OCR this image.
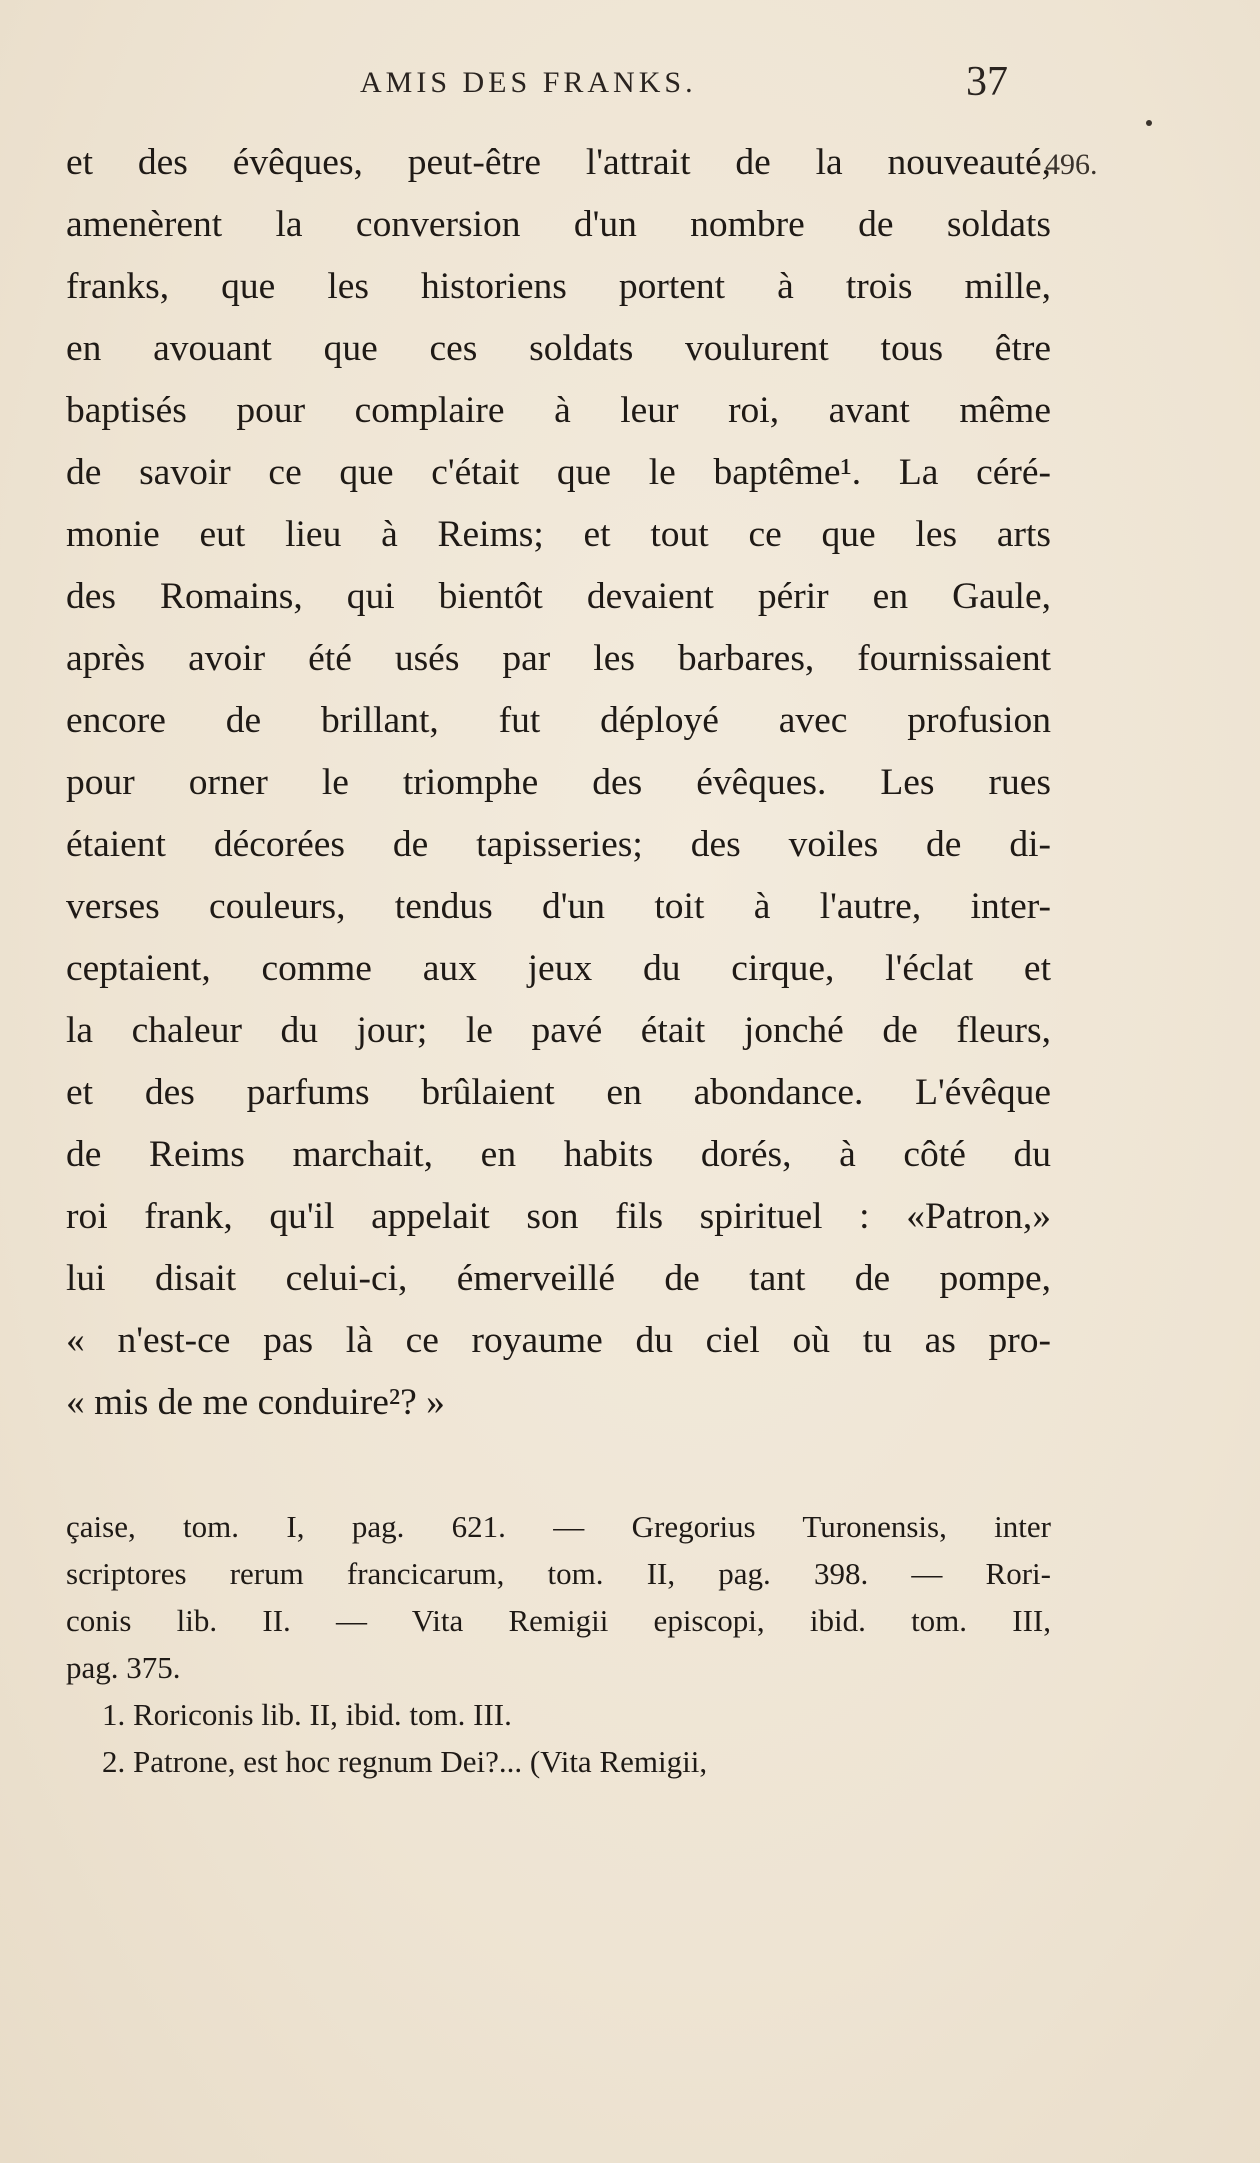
AMIS DES FRANKS.	37
496.
et des évêques, peut-être l'attrait de la nouveauté,
amenèrent la conversion d'un nombre de soldats
franks, que les historiens portent à trois mille,
en avouant que ces soldats voulurent tous être
baptisés pour complaire à leur roi, avant même
de savoir ce que c'était que le baptême¹. La céré-
monie eut lieu à Reims; et tout ce que les arts
des Romains, qui bientôt devaient périr en Gaule,
après avoir été usés par les barbares, fournissaient
encore de brillant, fut déployé avec profusion
pour orner le triomphe des évêques. Les rues
étaient décorées de tapisseries; des voiles de di-
verses couleurs, tendus d'un toit à l'autre, inter-
ceptaient, comme aux jeux du cirque, l'éclat et
la chaleur du jour; le pavé était jonché de fleurs,
et des parfums brûlaient en abondance. L'évêque
de Reims marchait, en habits dorés, à côté du
roi frank, qu'il appelait son fils spirituel : «Patron,»
lui disait celui-ci, émerveillé de tant de pompe,
« n'est-ce pas là ce royaume du ciel où tu as pro-
« mis de me conduire²? »
çaise, tom. I, pag. 621. — Gregorius Turonensis, inter
scriptores rerum francicarum, tom. II, pag. 398. — Rori-
conis lib. II. — Vita Remigii episcopi, ibid. tom. III,
pag. 375.
1. Roriconis lib. II, ibid. tom. III.
2. Patrone, est hoc regnum Dei?... (Vita Remigii,
